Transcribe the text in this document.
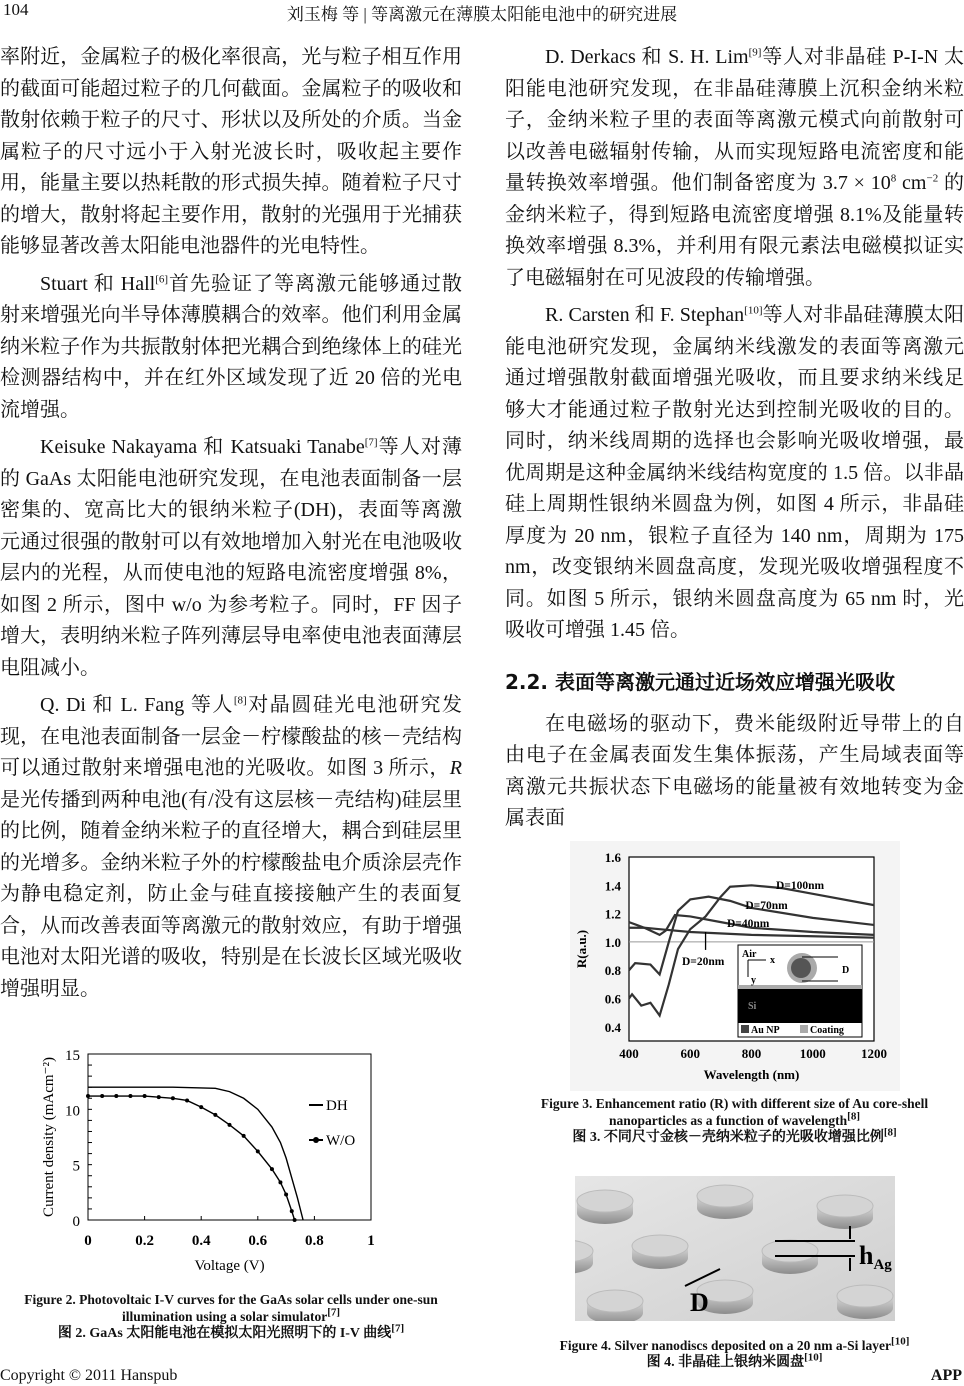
104	刘玉梅 等 | 等离激元在薄膜太阳能电池中的研究进展

率附近，金属粒子的极化率很高，光与粒子相互作用的截面可能超过粒子的几何截面。金属粒子的吸收和散射依赖于粒子的尺寸、形状以及所处的介质。当金属粒子的尺寸远小于入射光波长时，吸收起主要作用，能量主要以热耗散的形式损失掉。随着粒子尺寸的增大，散射将起主要作用，散射的光强用于光捕获能够显著改善太阳能电池器件的光电特性。

Stuart 和 Hall[6]首先验证了等离激元能够通过散射来增强光向半导体薄膜耦合的效率。他们利用金属纳米粒子作为共振散射体把光耦合到绝缘体上的硅光检测器结构中，并在红外区域发现了近 20 倍的光电流增强。

Keisuke Nakayama 和 Katsuaki Tanabe[7]等人对薄的 GaAs 太阳能电池研究发现，在电池表面制备一层密集的、宽高比大的银纳米粒子(DH)，表面等离激元通过很强的散射可以有效地增加入射光在电池吸收层内的光程，从而使电池的短路电流密度增强 8%，如图 2 所示，图中 w/o 为参考粒子。同时，FF 因子增大，表明纳米粒子阵列薄层导电率使电池表面薄层电阻减小。

Q. Di 和 L. Fang 等人[8]对晶圆硅光电池研究发现，在电池表面制备一层金－柠檬酸盐的核－壳结构可以通过散射来增强电池的光吸收。如图 3 所示，R 是光传播到两种电池(有/没有这层核－壳结构)硅层里的比例，随着金纳米粒子的直径增大，耦合到硅层里的光增多。金纳米粒子外的柠檬酸盐电介质涂层壳作为静电稳定剂，防止金与硅直接接触产生的表面复合，从而改善表面等离激元的散射效应，有助于增强电池对太阳光谱的吸收，特别是在长波长区域光吸收增强明显。

0	0.2	0.4	0.6	0.8	1
0
5
10
15
Voltage (V)
Current density (mAcm⁻²)	DH
W/O
Figure 2. Photovoltaic I-V curves for the GaAs solar cells under one-sun illumination using a solar simulator[7]
图 2. GaAs 太阳能电池在模拟太阳光照明下的 I-V 曲线[7]

D. Derkacs 和 S. H. Lim[9]等人对非晶硅 P-I-N 太阳能电池研究发现，在非晶硅薄膜上沉积金纳米粒子，金纳米粒子里的表面等离激元模式向前散射可以改善电磁辐射传输，从而实现短路电流密度和能量转换效率增强。他们制备密度为 $3.7 \times 10^8$ $cm^{-2}$ 的金纳米粒子，得到短路电流密度增强 8.1%及能量转换效率增强 8.3%，并利用有限元素法电磁模拟证实了电磁辐射在可见波段的传输增强。

R. Carsten 和 F. Stephan[10]等人对非晶硅薄膜太阳能电池研究发现，金属纳米线激发的表面等离激元通过增强散射截面增强光吸收，而且要求纳米线足够大才能通过粒子散射光达到控制光吸收的目的。同时，纳米线周期的选择也会影响光吸收增强，最优周期是这种金属纳米线结构宽度的 1.5 倍。以非晶硅上周期性银纳米圆盘为例，如图 4 所示，非晶硅厚度为 20 nm，银粒子直径为 140 nm，周期为 175 nm，改变银纳米圆盘高度，发现光吸收增强程度不同。如图 5 所示，银纳米圆盘高度为 65 nm 时，光吸收可增强 1.45 倍。

2.2. 表面等离激元通过近场效应增强光吸收

在电磁场的驱动下，费米能级附近导带上的自由电子在金属表面发生集体振荡，产生局域表面等离激元共振状态下电磁场的能量被有效地转变为金属表面

400	600	800	1000	1200
0.4
0.6
0.8
1.0
1.2
1.4
1.6
Wavelength (nm)
R(a.u.)	D=20nm
D=40nm
D=70nm
D=100nm
Air
x
y
D
Si
Au NP	Coating
Figure 3. Enhancement ratio (R) with different size of Au core-shell nanoparticles as a function of wavelength[8]
图 3. 不同尺寸金核－壳纳米粒子的光吸收增强比例[8]
D
hAg
Figure 4. Silver nanodiscs deposited on a 20 nm a-Si layer[10]
图 4. 非晶硅上银纳米圆盘[10]
Copyright © 2011 Hanspub	APP
